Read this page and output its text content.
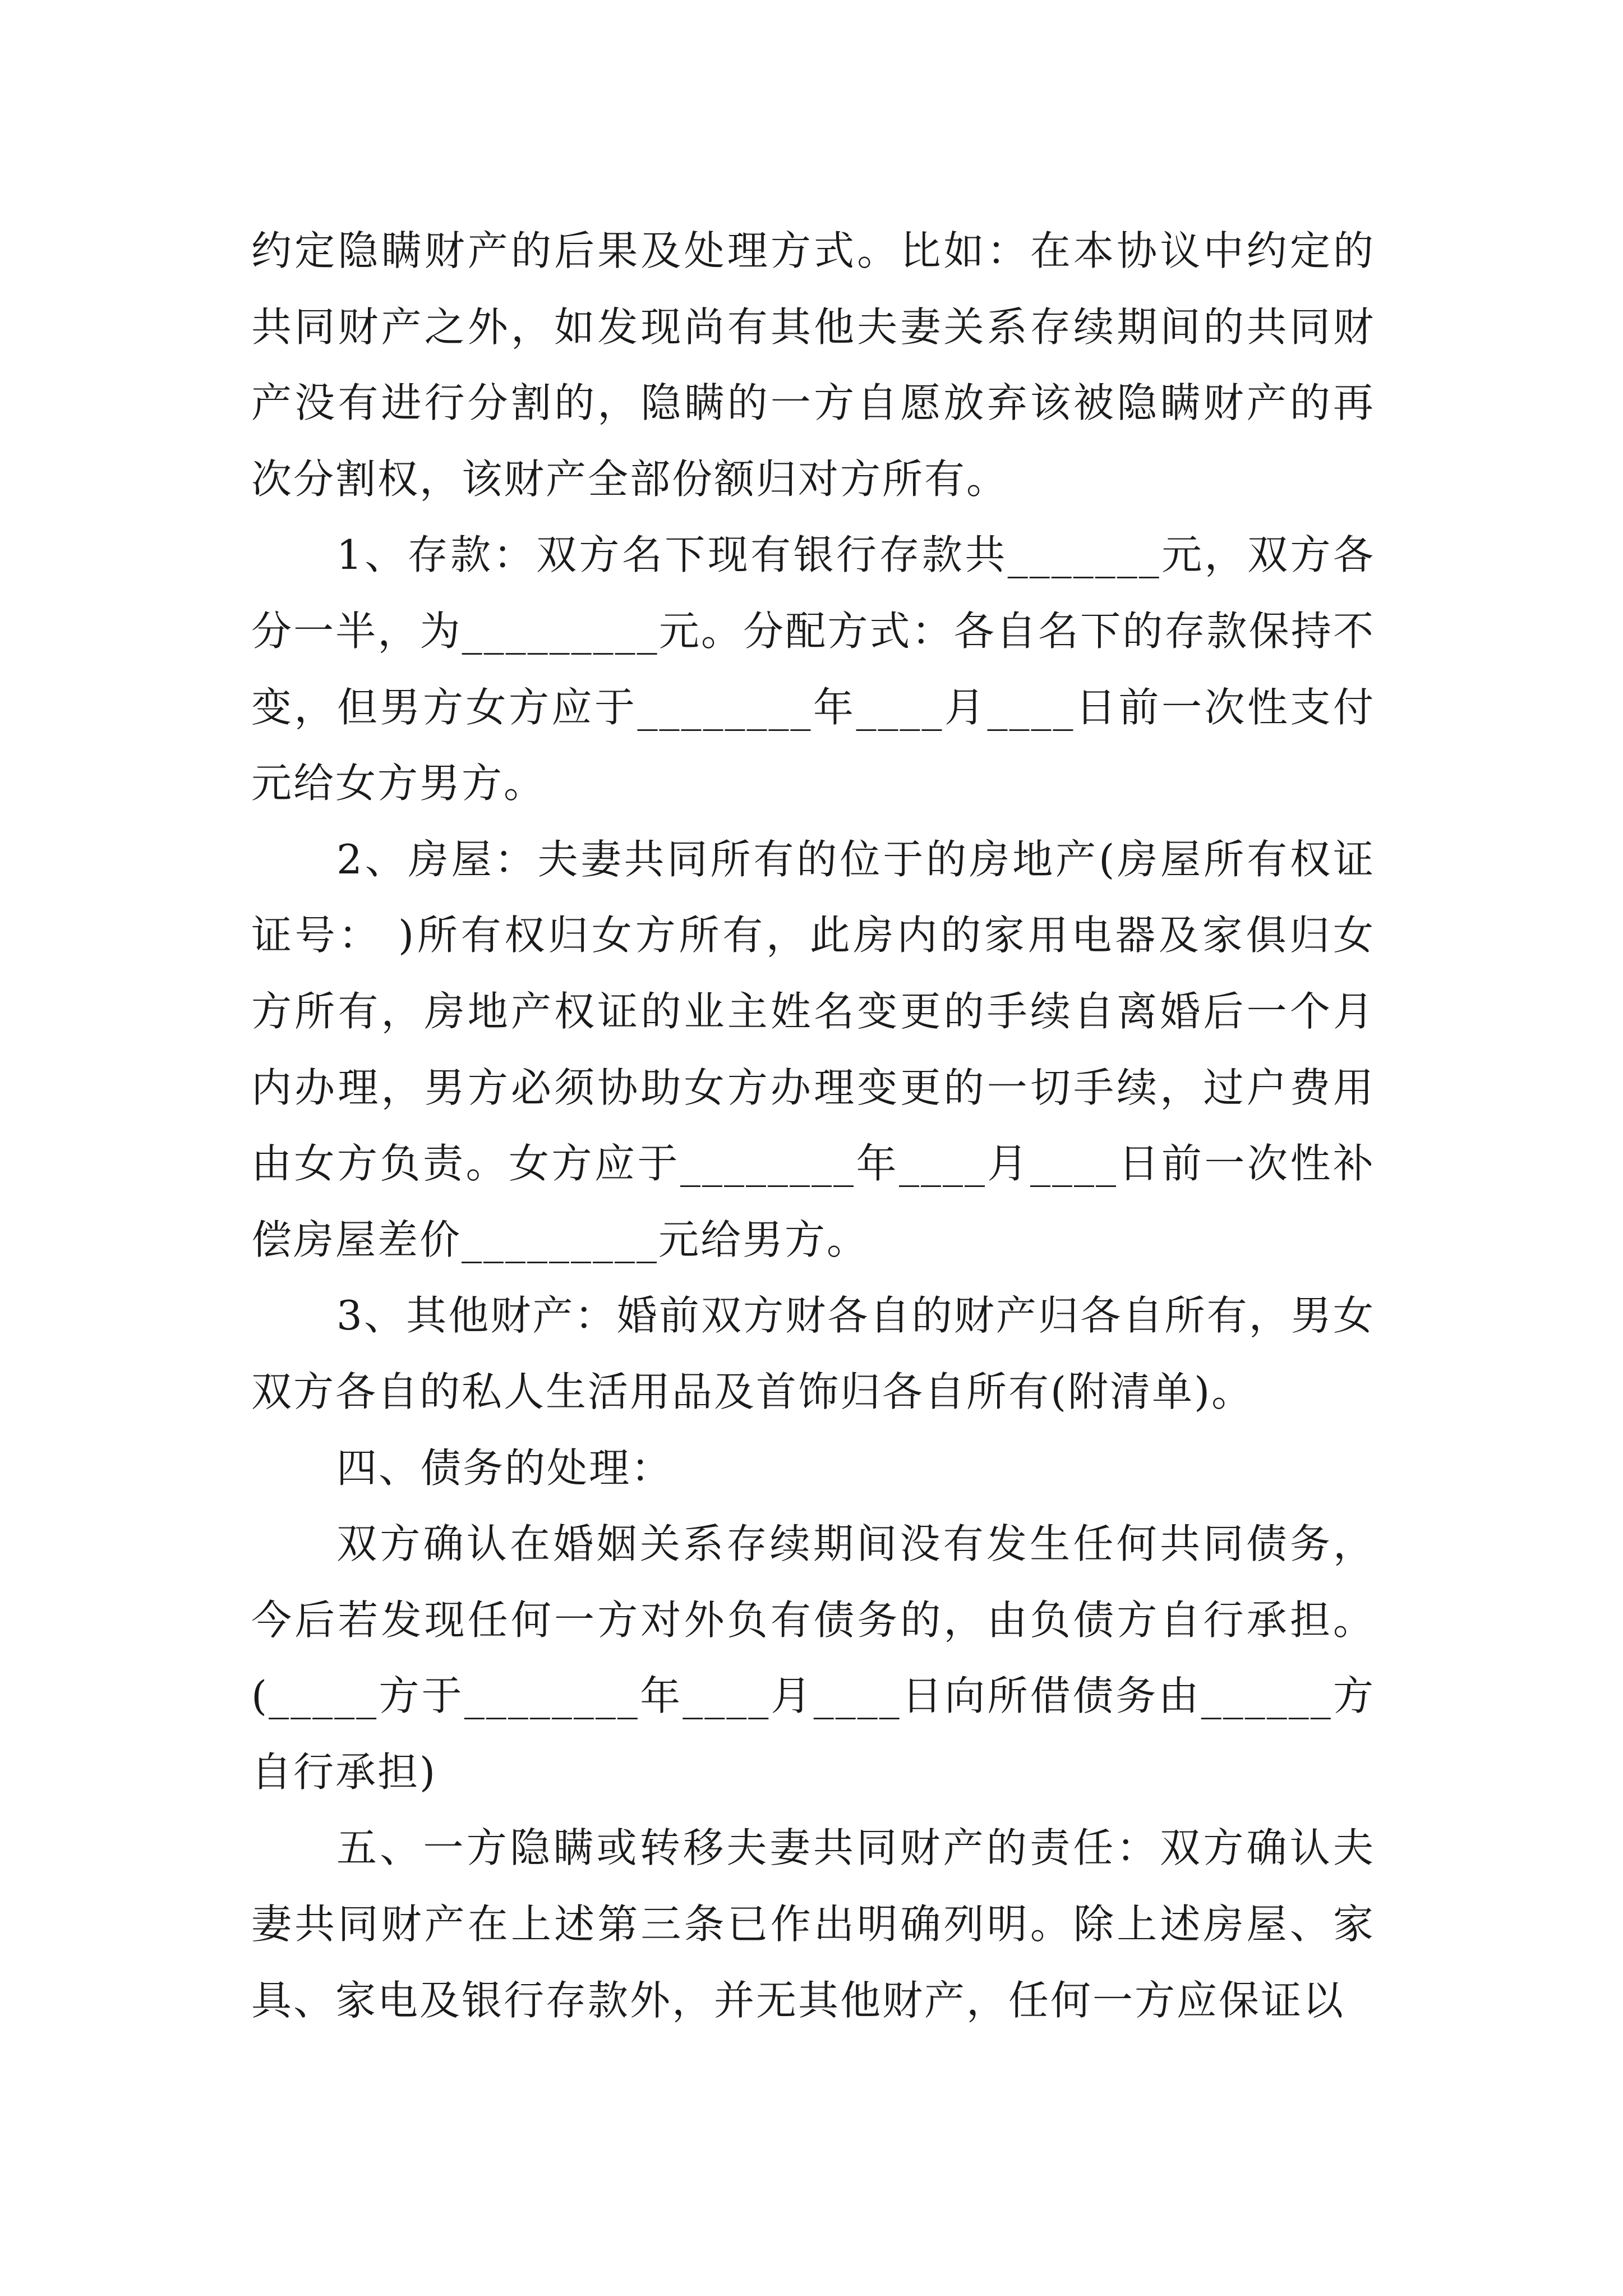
约定隐瞒财产的后果及处理方式。比如：在本协议中约定的共同财产之外，如发现尚有其他夫妻关系存续期间的共同财产没有进行分割的，隐瞒的一方自愿放弃该被隐瞒财产的再次分割权，该财产全部份额归对方所有。

1、存款：双方名下现有银行存款共_______元，双方各分一半，为_________元。分配方式：各自名下的存款保持不变，但男方女方应于________年____月____日前一次性支付元给女方男方。

2、房屋：夫妻共同所有的位于的房地产(房屋所有权证证号： )所有权归女方所有，此房内的家用电器及家俱归女方所有，房地产权证的业主姓名变更的手续自离婚后一个月内办理，男方必须协助女方办理变更的一切手续，过户费用由女方负责。女方应于________年____月____日前一次性补偿房屋差价_________元给男方。

3、其他财产：婚前双方财各自的财产归各自所有，男女双方各自的私人生活用品及首饰归各自所有(附清单)。

四、债务的处理：

双方确认在婚姻关系存续期间没有发生任何共同债务，今后若发现任何一方对外负有债务的，由负债方自行承担。(_____方于________年____月____日向所借债务由______方自行承担)

五、一方隐瞒或转移夫妻共同财产的责任：双方确认夫妻共同财产在上述第三条已作出明确列明。除上述房屋、家具、家电及银行存款外，并无其他财产，任何一方应保证以
